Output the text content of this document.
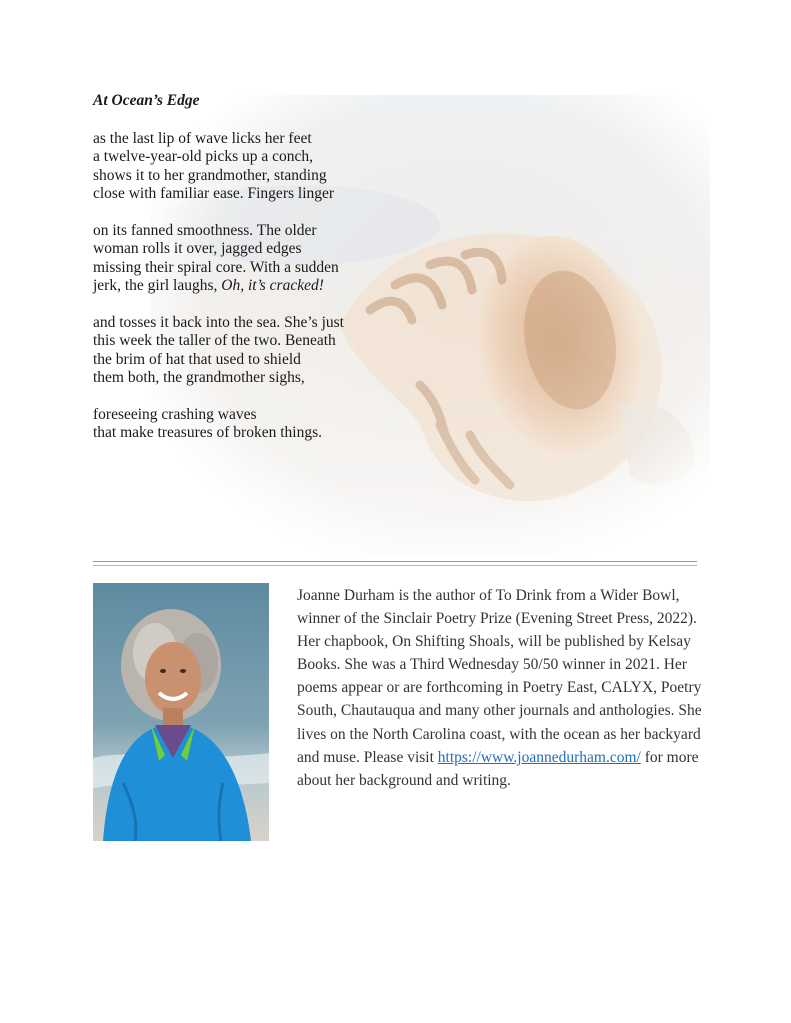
At Ocean’s Edge
as the last lip of wave licks her feet
a twelve-year-old picks up a conch,
shows it to her grandmother, standing
close with familiar ease. Fingers linger
on its fanned smoothness. The older
woman rolls it over, jagged edges
missing their spiral core. With a sudden
jerk, the girl laughs, Oh, it’s cracked!
and tosses it back into the sea. She’s just
this week the taller of the two. Beneath
the brim of hat that used to shield
them both, the grandmother sighs,
foreseeing crashing waves
that make treasures of broken things.
Joanne Durham is the author of To Drink from a Wider Bowl, winner of the Sinclair Poetry Prize (Evening Street Press, 2022). Her chapbook, On Shifting Shoals, will be published by Kelsay Books. She was a Third Wednesday 50/50 winner in 2021. Her poems appear or are forthcoming in Poetry East, CALYX, Poetry South, Chautauqua and many other journals and anthologies. She lives on the North Carolina coast, with the ocean as her backyard and muse. Please visit https://www.joannedurham.com/ for more about her background and writing.
